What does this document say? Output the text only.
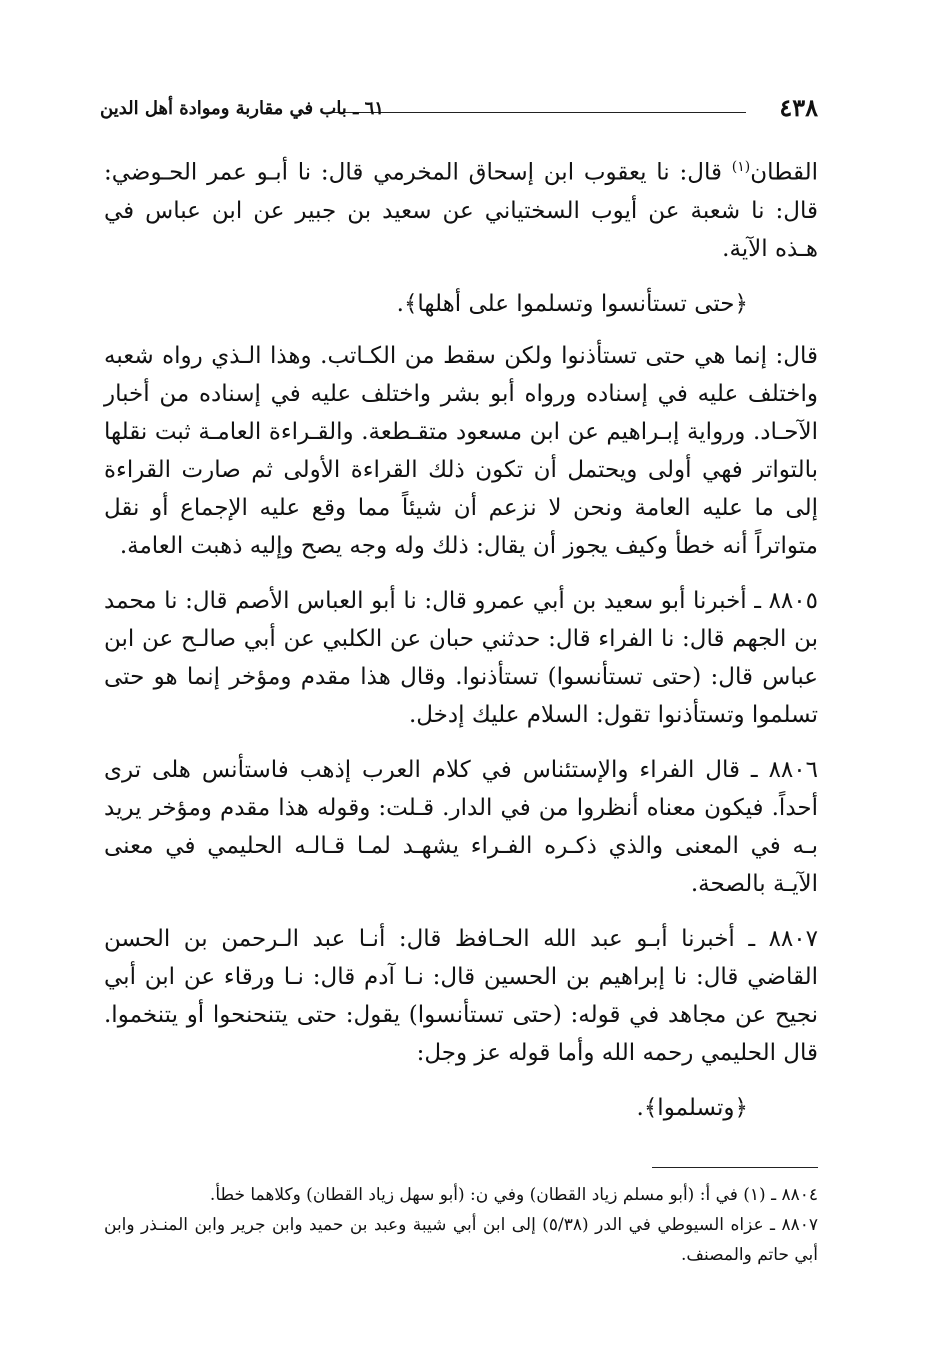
٤٣٨
٦١ ـ باب في مقاربة وموادة أهل الدين

القطان$^{(١)}$ قال: نا يعقوب ابن إسحاق المخرمي قال: نا أبـو عمر الحـوضي: قال: نا شعبة عن أيوب السختياني عن سعيد بن جبير عن ابن عباس في هـذه الآية.

﴿حتى تستأنسوا وتسلموا على أهلها﴾.

قال: إنما هي حتى تستأذنوا ولكن سقط من الكـاتب. وهذا الـذي رواه شعبه واختلف عليه في إسناده ورواه أبو بشر واختلف عليه في إسناده من أخبار الآحـاد. ورواية إبـراهيم عن ابن مسعود متقـطعة. والقـراءة العامـة ثبت نقلها بالتواتر فهي أولى ويحتمل أن تكون ذلك القراءة الأولى ثم صارت القراءة إلى ما عليه العامة ونحن لا نزعم أن شيئاً مما وقع عليه الإجماع أو نقل متواتراً أنه خطأ وكيف يجوز أن يقال: ذلك وله وجه يصح وإليه ذهبت العامة.

٨٨٠٥ ـ أخبرنا أبو سعيد بن أبي عمرو قال: نا أبو العباس الأصم قال: نا محمد بن الجهم قال: نا الفراء قال: حدثني حبان عن الكلبي عن أبي صالـح عن ابن عباس قال: (حتى تستأنسوا) تستأذنوا. وقال هذا مقدم ومؤخر إنما هو حتى تسلموا وتستأذنوا تقول: السلام عليك إدخل.

٨٨٠٦ ـ قال الفراء والإستئناس في كلام العرب إذهب فاستأنس هلى ترى أحداً. فيكون معناه أنظروا من في الدار. قـلت: وقوله هذا مقدم ومؤخر يريد بـه في المعنى والذي ذكـره الفـراء يشهـد لمـا قـالـه الحليمي في معنى الآيـة بالصحة.

٨٨٠٧ ـ أخبرنا أبـو عبد الله الحـافظ قال: أنـا عبد الـرحمن بن الحسن القاضي قال: نا إبراهيم بن الحسين قال: نـا آدم قال: نـا ورقاء عن ابن أبي نجيح عن مجاهد في قوله: (حتى تستأنسوا) يقول: حتى يتنحنحوا أو يتنخموا. قال الحليمي رحمه الله وأما قوله عز وجل:

﴿وتسلموا﴾.

٨٨٠٤ ـ (١) في أ: (أبو مسلم زياد القطان) وفي ن: (أبو سهل زياد القطان) وكلاهما خطأ.

٨٨٠٧ ـ عزاه السيوطي في الدر (٥/٣٨) إلى ابن أبي شيبة وعبد بن حميد وابن جرير وابن المنـذر وابن أبي حاتم والمصنف.
